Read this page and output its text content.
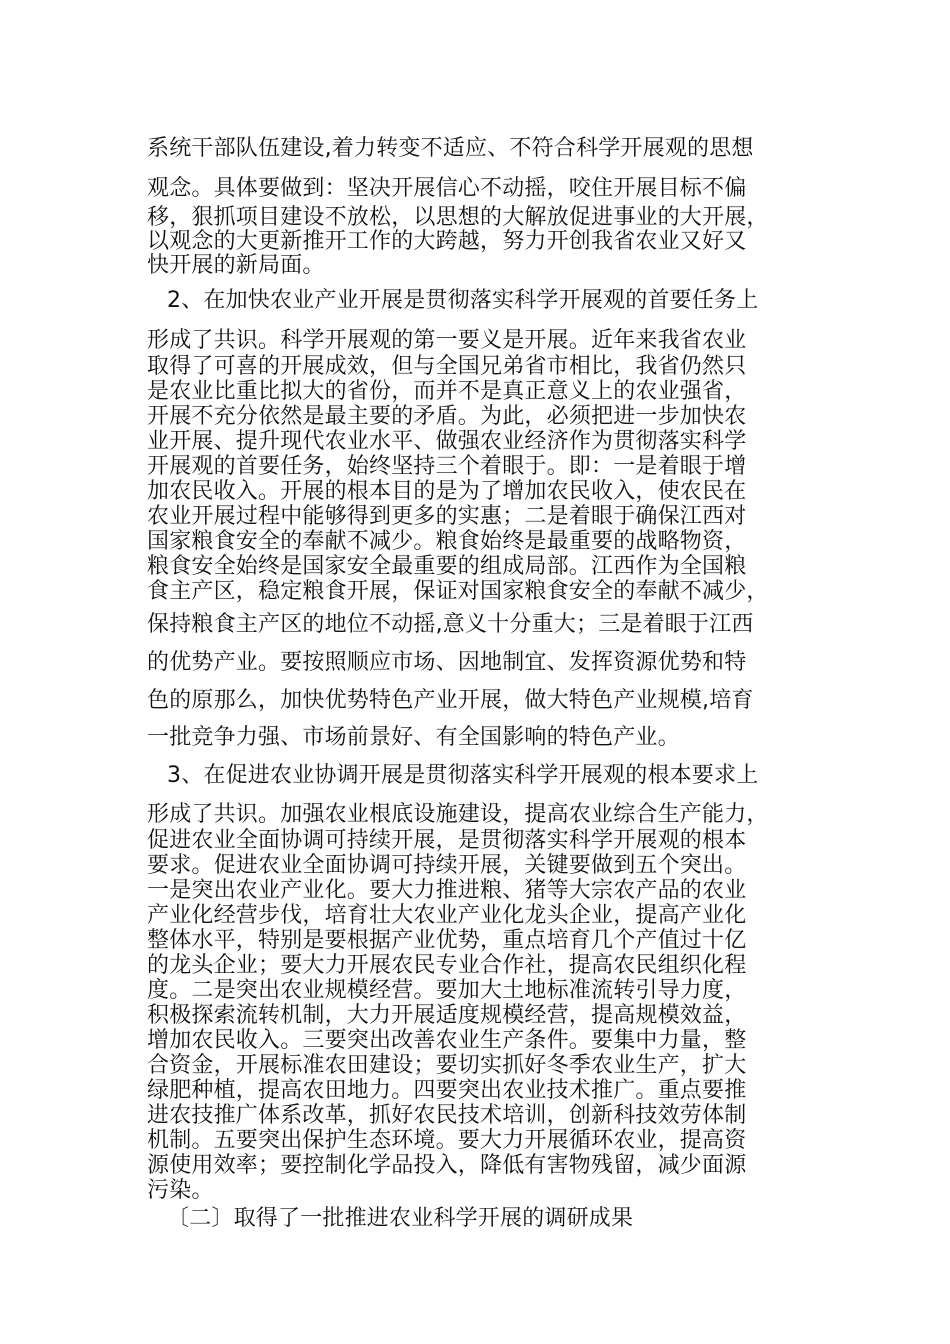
系统干部队伍建设,着力转变不适应、不符合科学开展观的思想
观念。具体要做到：坚决开展信心不动摇，咬住开展目标不偏
移，狠抓项目建设不放松，以思想的大解放促进事业的大开展，
以观念的大更新推开工作的大跨越，努力开创我省农业又好又
快开展的新局面。
2、在加快农业产业开展是贯彻落实科学开展观的首要任务上
形成了共识。科学开展观的第一要义是开展。近年来我省农业
取得了可喜的开展成效，但与全国兄弟省市相比，我省仍然只
是农业比重比拟大的省份，而并不是真正意义上的农业强省，
开展不充分依然是最主要的矛盾。为此，必须把进一步加快农
业开展、提升现代农业水平、做强农业经济作为贯彻落实科学
开展观的首要任务，始终坚持三个着眼于。即：一是着眼于增
加农民收入。开展的根本目的是为了增加农民收入，使农民在
农业开展过程中能够得到更多的实惠；二是着眼于确保江西对
国家粮食安全的奉献不减少。粮食始终是最重要的战略物资，
粮食安全始终是国家安全最重要的组成局部。江西作为全国粮
食主产区，稳定粮食开展，保证对国家粮食安全的奉献不减少，
保持粮食主产区的地位不动摇,意义十分重大；三是着眼于江西
的优势产业。要按照顺应市场、因地制宜、发挥资源优势和特
色的原那么，加快优势特色产业开展，做大特色产业规模,培育
一批竞争力强、市场前景好、有全国影响的特色产业。
3、在促进农业协调开展是贯彻落实科学开展观的根本要求上
形成了共识。加强农业根底设施建设，提高农业综合生产能力，
促进农业全面协调可持续开展，是贯彻落实科学开展观的根本
要求。促进农业全面协调可持续开展，关键要做到五个突出。
一是突出农业产业化。要大力推进粮、猪等大宗农产品的农业
产业化经营步伐，培育壮大农业产业化龙头企业，提高产业化
整体水平，特别是要根据产业优势，重点培育几个产值过十亿
的龙头企业；要大力开展农民专业合作社，提高农民组织化程
度。二是突出农业规模经营。要加大土地标准流转引导力度，
积极探索流转机制，大力开展适度规模经营，提高规模效益，
增加农民收入。三要突出改善农业生产条件。要集中力量，整
合资金，开展标准农田建设；要切实抓好冬季农业生产，扩大
绿肥种植，提高农田地力。四要突出农业技术推广。重点要推
进农技推广体系改革，抓好农民技术培训，创新科技效劳体制
机制。五要突出保护生态环境。要大力开展循环农业，提高资
源使用效率；要控制化学品投入，降低有害物残留，减少面源
污染。
〔二〕取得了一批推进农业科学开展的调研成果
